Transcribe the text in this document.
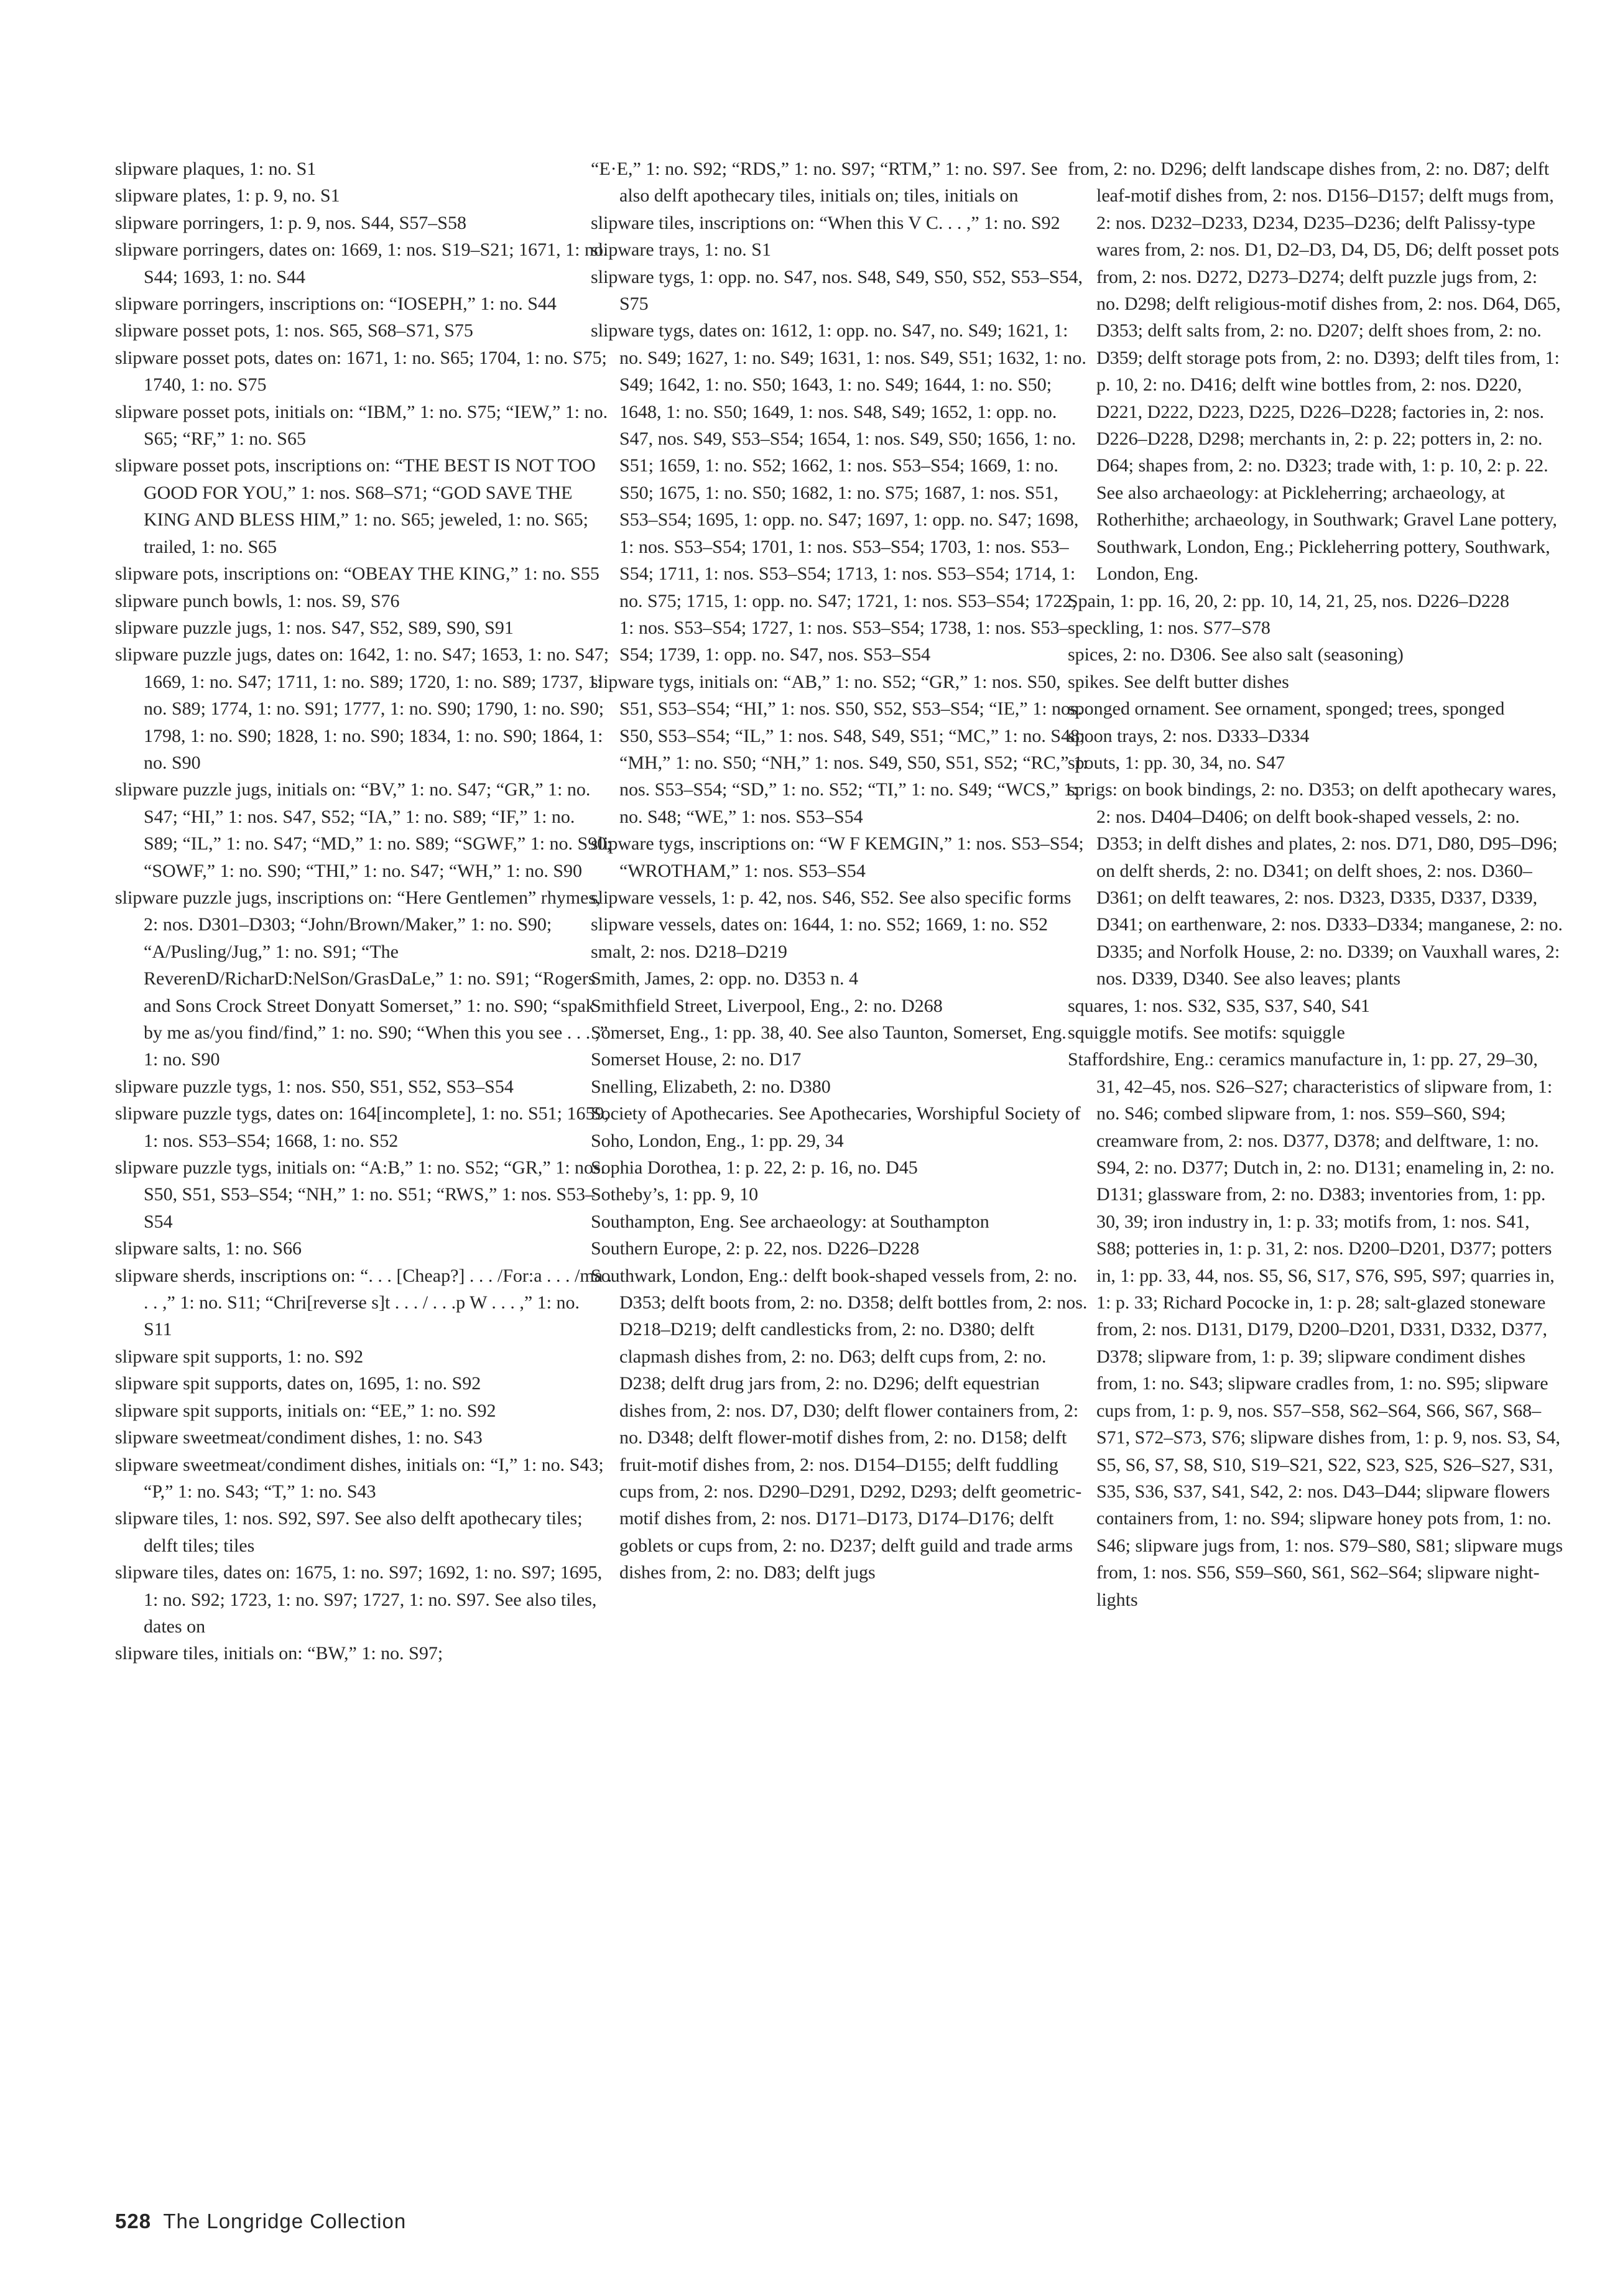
slipware plaques, 1: no. S1

slipware plates, 1: p. 9, no. S1

slipware porringers, 1: p. 9, nos. S44, S57–S58

slipware porringers, dates on: 1669, 1: nos. S19–S21; 1671, 1: no. S44; 1693, 1: no. S44

slipware porringers, inscriptions on: “IOSEPH,” 1: no. S44

slipware posset pots, 1: nos. S65, S68–S71, S75

slipware posset pots, dates on: 1671, 1: no. S65; 1704, 1: no. S75; 1740, 1: no. S75

slipware posset pots, initials on: “IBM,” 1: no. S75; “IEW,” 1: no. S65; “RF,” 1: no. S65

slipware posset pots, inscriptions on: “THE BEST IS NOT TOO GOOD FOR YOU,” 1: nos. S68–S71; “GOD SAVE THE KING AND BLESS HIM,” 1: no. S65; jeweled, 1: no. S65; trailed, 1: no. S65

slipware pots, inscriptions on: “OBEAY THE KING,” 1: no. S55

slipware punch bowls, 1: nos. S9, S76

slipware puzzle jugs, 1: nos. S47, S52, S89, S90, S91

slipware puzzle jugs, dates on: 1642, 1: no. S47; 1653, 1: no. S47; 1669, 1: no. S47; 1711, 1: no. S89; 1720, 1: no. S89; 1737, 1: no. S89; 1774, 1: no. S91; 1777, 1: no. S90; 1790, 1: no. S90; 1798, 1: no. S90; 1828, 1: no. S90; 1834, 1: no. S90; 1864, 1: no. S90

slipware puzzle jugs, initials on: “BV,” 1: no. S47; “GR,” 1: no. S47; “HI,” 1: nos. S47, S52; “IA,” 1: no. S89; “IF,” 1: no. S89; “IL,” 1: no. S47; “MD,” 1: no. S89; “SGWF,” 1: no. S90; “SOWF,” 1: no. S90; “THI,” 1: no. S47; “WH,” 1: no. S90

slipware puzzle jugs, inscriptions on: “Here Gentlemen” rhymes, 2: nos. D301–D303; “John/Brown/Maker,” 1: no. S90; “A/Pusling/Jug,” 1: no. S91; “The ReverenD/RicharD:NelSon/GrasDaLe,” 1: no. S91; “Rogers and Sons Crock Street Donyatt Somerset,” 1: no. S90; “spak by me as/you find/find,” 1: no. S90; “When this you see . . . ,” 1: no. S90

slipware puzzle tygs, 1: nos. S50, S51, S52, S53–S54

slipware puzzle tygs, dates on: 164[incomplete], 1: no. S51; 1659, 1: nos. S53–S54; 1668, 1: no. S52

slipware puzzle tygs, initials on: “A:B,” 1: no. S52; “GR,” 1: nos. S50, S51, S53–S54; “NH,” 1: no. S51; “RWS,” 1: nos. S53–S54

slipware salts, 1: no. S66

slipware sherds, inscriptions on: “. . . [Cheap?] . . . /For:a . . . /ma . . . ,” 1: no. S11; “Chri[reverse s]t . . . / . . .p W . . . ,” 1: no. S11

slipware spit supports, 1: no. S92

slipware spit supports, dates on, 1695, 1: no. S92

slipware spit supports, initials on: “EE,” 1: no. S92

slipware sweetmeat/condiment dishes, 1: no. S43

slipware sweetmeat/condiment dishes, initials on: “I,” 1: no. S43; “P,” 1: no. S43; “T,” 1: no. S43

slipware tiles, 1: nos. S92, S97. See also delft apothecary tiles; delft tiles; tiles

slipware tiles, dates on: 1675, 1: no. S97; 1692, 1: no. S97; 1695, 1: no. S92; 1723, 1: no. S97; 1727, 1: no. S97. See also tiles, dates on

slipware tiles, initials on: “BW,” 1: no. S97;

“E·E,” 1: no. S92; “RDS,” 1: no. S97; “RTM,” 1: no. S97. See also delft apothecary tiles, initials on; tiles, initials on

slipware tiles, inscriptions on: “When this V C. . . ,” 1: no. S92

slipware trays, 1: no. S1

slipware tygs, 1: opp. no. S47, nos. S48, S49, S50, S52, S53–S54, S75

slipware tygs, dates on: 1612, 1: opp. no. S47, no. S49; 1621, 1: no. S49; 1627, 1: no. S49; 1631, 1: nos. S49, S51; 1632, 1: no. S49; 1642, 1: no. S50; 1643, 1: no. S49; 1644, 1: no. S50; 1648, 1: no. S50; 1649, 1: nos. S48, S49; 1652, 1: opp. no. S47, nos. S49, S53–S54; 1654, 1: nos. S49, S50; 1656, 1: no. S51; 1659, 1: no. S52; 1662, 1: nos. S53–S54; 1669, 1: no. S50; 1675, 1: no. S50; 1682, 1: no. S75; 1687, 1: nos. S51, S53–S54; 1695, 1: opp. no. S47; 1697, 1: opp. no. S47; 1698, 1: nos. S53–S54; 1701, 1: nos. S53–S54; 1703, 1: nos. S53–S54; 1711, 1: nos. S53–S54; 1713, 1: nos. S53–S54; 1714, 1: no. S75; 1715, 1: opp. no. S47; 1721, 1: nos. S53–S54; 1722, 1: nos. S53–S54; 1727, 1: nos. S53–S54; 1738, 1: nos. S53–S54; 1739, 1: opp. no. S47, nos. S53–S54

slipware tygs, initials on: “AB,” 1: no. S52; “GR,” 1: nos. S50, S51, S53–S54; “HI,” 1: nos. S50, S52, S53–S54; “IE,” 1: nos. S50, S53–S54; “IL,” 1: nos. S48, S49, S51; “MC,” 1: no. S48; “MH,” 1: no. S50; “NH,” 1: nos. S49, S50, S51, S52; “RC,” 1: nos. S53–S54; “SD,” 1: no. S52; “TI,” 1: no. S49; “WCS,” 1: no. S48; “WE,” 1: nos. S53–S54

slipware tygs, inscriptions on: “W F KEMGIN,” 1: nos. S53–S54; “WROTHAM,” 1: nos. S53–S54

slipware vessels, 1: p. 42, nos. S46, S52. See also specific forms

slipware vessels, dates on: 1644, 1: no. S52; 1669, 1: no. S52

smalt, 2: nos. D218–D219

Smith, James, 2: opp. no. D353 n. 4

Smithfield Street, Liverpool, Eng., 2: no. D268

Somerset, Eng., 1: pp. 38, 40. See also Taunton, Somerset, Eng.

Somerset House, 2: no. D17

Snelling, Elizabeth, 2: no. D380

Society of Apothecaries. See Apothecaries, Worshipful Society of

Soho, London, Eng., 1: pp. 29, 34

Sophia Dorothea, 1: p. 22, 2: p. 16, no. D45

Sotheby’s, 1: pp. 9, 10

Southampton, Eng. See archaeology: at Southampton

Southern Europe, 2: p. 22, nos. D226–D228

Southwark, London, Eng.: delft book-shaped vessels from, 2: no. D353; delft boots from, 2: no. D358; delft bottles from, 2: nos. D218–D219; delft candlesticks from, 2: no. D380; delft clapmash dishes from, 2: no. D63; delft cups from, 2: no. D238; delft drug jars from, 2: no. D296; delft equestrian dishes from, 2: nos. D7, D30; delft flower containers from, 2: no. D348; delft flower-motif dishes from, 2: no. D158; delft fruit-motif dishes from, 2: nos. D154–D155; delft fuddling cups from, 2: nos. D290–D291, D292, D293; delft geometric-motif dishes from, 2: nos. D171–D173, D174–D176; delft goblets or cups from, 2: no. D237; delft guild and trade arms dishes from, 2: no. D83; delft jugs

from, 2: no. D296; delft landscape dishes from, 2: no. D87; delft leaf-motif dishes from, 2: nos. D156–D157; delft mugs from, 2: nos. D232–D233, D234, D235–D236; delft Palissy-type wares from, 2: nos. D1, D2–D3, D4, D5, D6; delft posset pots from, 2: nos. D272, D273–D274; delft puzzle jugs from, 2: no. D298; delft religious-motif dishes from, 2: nos. D64, D65, D353; delft salts from, 2: no. D207; delft shoes from, 2: no. D359; delft storage pots from, 2: no. D393; delft tiles from, 1: p. 10, 2: no. D416; delft wine bottles from, 2: nos. D220, D221, D222, D223, D225, D226–D228; factories in, 2: nos. D226–D228, D298; merchants in, 2: p. 22; potters in, 2: no. D64; shapes from, 2: no. D323; trade with, 1: p. 10, 2: p. 22. See also archaeology: at Pickleherring; archaeology, at Rotherhithe; archaeology, in Southwark; Gravel Lane pottery, Southwark, London, Eng.; Pickleherring pottery, Southwark, London, Eng.

Spain, 1: pp. 16, 20, 2: pp. 10, 14, 21, 25, nos. D226–D228

speckling, 1: nos. S77–S78

spices, 2: no. D306. See also salt (seasoning)

spikes. See delft butter dishes

sponged ornament. See ornament, sponged; trees, sponged

spoon trays, 2: nos. D333–D334

spouts, 1: pp. 30, 34, no. S47

sprigs: on book bindings, 2: no. D353; on delft apothecary wares, 2: nos. D404–D406; on delft book-shaped vessels, 2: no. D353; in delft dishes and plates, 2: nos. D71, D80, D95–D96; on delft sherds, 2: no. D341; on delft shoes, 2: nos. D360–D361; on delft teawares, 2: nos. D323, D335, D337, D339, D341; on earthenware, 2: nos. D333–D334; manganese, 2: no. D335; and Norfolk House, 2: no. D339; on Vauxhall wares, 2: nos. D339, D340. See also leaves; plants

squares, 1: nos. S32, S35, S37, S40, S41

squiggle motifs. See motifs: squiggle

Staffordshire, Eng.: ceramics manufacture in, 1: pp. 27, 29–30, 31, 42–45, nos. S26–S27; characteristics of slipware from, 1: no. S46; combed slipware from, 1: nos. S59–S60, S94; creamware from, 2: nos. D377, D378; and delftware, 1: no. S94, 2: no. D377; Dutch in, 2: no. D131; enameling in, 2: no. D131; glassware from, 2: no. D383; inventories from, 1: pp. 30, 39; iron industry in, 1: p. 33; motifs from, 1: nos. S41, S88; potteries in, 1: p. 31, 2: nos. D200–D201, D377; potters in, 1: pp. 33, 44, nos. S5, S6, S17, S76, S95, S97; quarries in, 1: p. 33; Richard Pococke in, 1: p. 28; salt-glazed stoneware from, 2: nos. D131, D179, D200–D201, D331, D332, D377, D378; slipware from, 1: p. 39; slipware condiment dishes from, 1: no. S43; slipware cradles from, 1: no. S95; slipware cups from, 1: p. 9, nos. S57–S58, S62–S64, S66, S67, S68–S71, S72–S73, S76; slipware dishes from, 1: p. 9, nos. S3, S4, S5, S6, S7, S8, S10, S19–S21, S22, S23, S25, S26–S27, S31, S35, S36, S37, S41, S42, 2: nos. D43–D44; slipware flowers containers from, 1: no. S94; slipware honey pots from, 1: no. S46; slipware jugs from, 1: nos. S79–S80, S81; slipware mugs from, 1: nos. S56, S59–S60, S61, S62–S64; slipware night-lights

528 The Longridge Collection
